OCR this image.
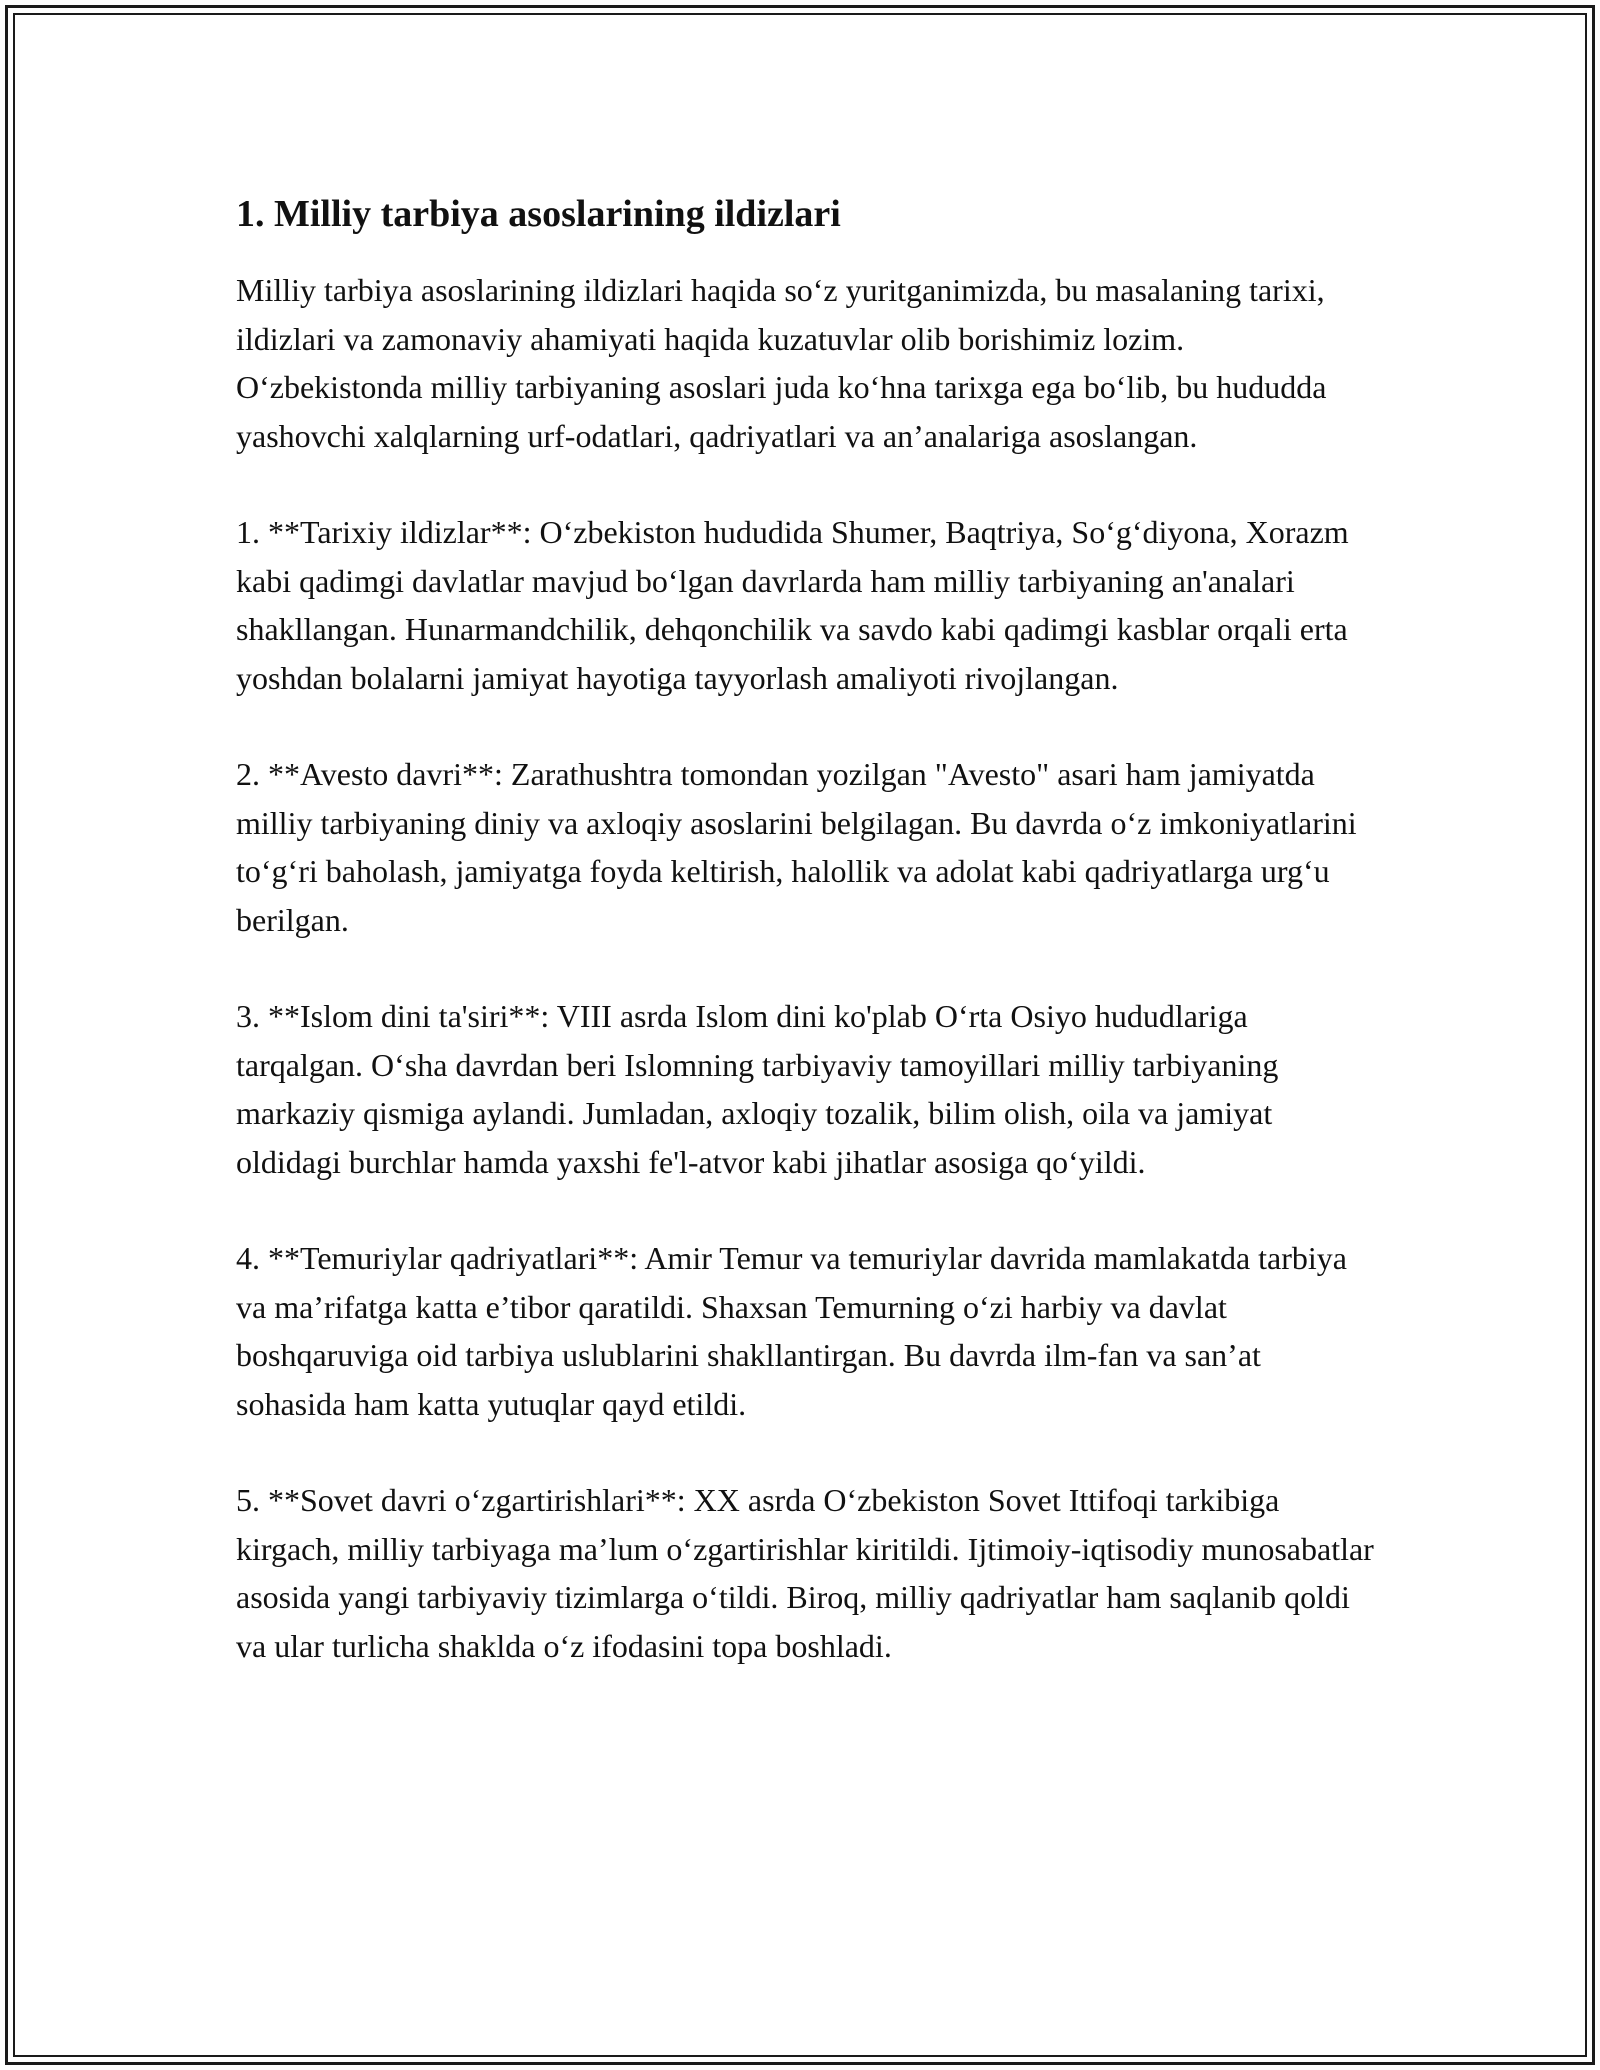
1. Milliy tarbiya asoslarining ildizlari

Milliy tarbiya asoslarining ildizlari haqida so‘z yuritganimizda, bu masalaning tarixi, ildizlari va zamonaviy ahamiyati haqida kuzatuvlar olib borishimiz lozim. O‘zbekistonda milliy tarbiyaning asoslari juda ko‘hna tarixga ega bo‘lib, bu hududda yashovchi xalqlarning urf-odatlari, qadriyatlari va an’analariga asoslangan.

1. **Tarixiy ildizlar**: O‘zbekiston hududida Shumer, Baqtriya, So‘g‘diyona, Xorazm kabi qadimgi davlatlar mavjud bo‘lgan davrlarda ham milliy tarbiyaning an'analari shakllangan. Hunarmandchilik, dehqonchilik va savdo kabi qadimgi kasblar orqali erta yoshdan bolalarni jamiyat hayotiga tayyorlash amaliyoti rivojlangan.

2. **Avesto davri**: Zarathushtra tomondan yozilgan "Avesto" asari ham jamiyatda milliy tarbiyaning diniy va axloqiy asoslarini belgilagan. Bu davrda o‘z imkoniyatlarini to‘g‘ri baholash, jamiyatga foyda keltirish, halollik va adolat kabi qadriyatlarga urg‘u berilgan.

3. **Islom dini ta'siri**: VIII asrda Islom dini ko'plab O‘rta Osiyo hududlariga tarqalgan. O‘sha davrdan beri Islomning tarbiyaviy tamoyillari milliy tarbiyaning markaziy qismiga aylandi. Jumladan, axloqiy tozalik, bilim olish, oila va jamiyat oldidagi burchlar hamda yaxshi fe'l-atvor kabi jihatlar asosiga qo‘yildi.

4. **Temuriylar qadriyatlari**: Amir Temur va temuriylar davrida mamlakatda tarbiya va ma’rifatga katta e’tibor qaratildi. Shaxsan Temurning o‘zi harbiy va davlat boshqaruviga oid tarbiya uslublarini shakllantirgan. Bu davrda ilm-fan va san’at sohasida ham katta yutuqlar qayd etildi.

5. **Sovet davri o‘zgartirishlari**: XX asrda O‘zbekiston Sovet Ittifoqi tarkibiga kirgach, milliy tarbiyaga ma’lum o‘zgartirishlar kiritildi. Ijtimoiy-iqtisodiy munosabatlar asosida yangi tarbiyaviy tizimlarga o‘tildi. Biroq, milliy qadriyatlar ham saqlanib qoldi va ular turlicha shaklda o‘z ifodasini topa boshladi.
